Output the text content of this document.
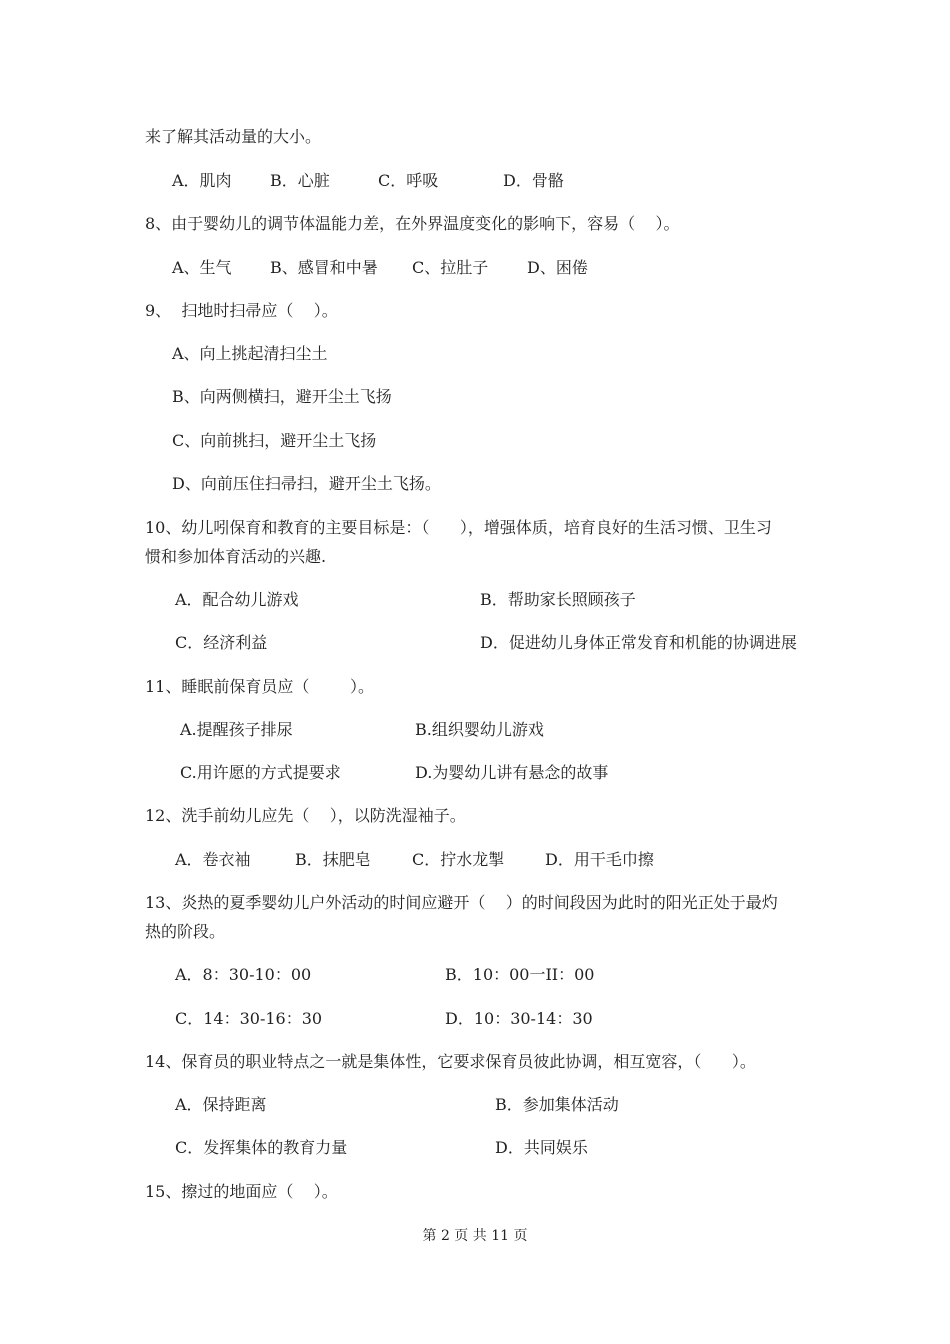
来了解其活动量的大小。
A．肌肉 B．心脏	C．呼吸	D．骨骼
8、由于婴幼儿的调节体温能力差，在外界温度变化的影响下，容易（    ）。
A、生气 B、感冒和中暑 C、拉肚子 D、困倦
9、  扫地时扫帚应（    ）。
A、向上挑起清扫尘土
B、向两侧横扫，避开尘土飞扬
C、向前挑扫，避开尘土飞扬
D、向前压住扫帚扫，避开尘土飞扬。
10、幼儿吲保育和教育的主要目标是：（      ），增强体质，培育良好的生活习惯、卫生习
惯和参加体育活动的兴趣.
A．配合幼儿游戏	B．帮助家长照顾孩子
C．经济利益	D．促进幼儿身体正常发育和机能的协调进展
11、睡眠前保育员应（        ）。
A.提醒孩子排尿	B.组织婴幼儿游戏
C.用许愿的方式提要求	D.为婴幼儿讲有悬念的故事
12、洗手前幼儿应先（    ），以防洗湿袖子。
A．卷衣袖	B．抹肥皂	C．拧水龙掣	D．用干毛巾擦
13、炎热的夏季婴幼儿户外活动的时间应避开（    ）的时间段因为此时的阳光正处于最灼
热的阶段。
A．8：30-10：00	B．10：00一II：00
C．14：30-16：30	D．10：30-14：30
14、保育员的职业特点之一就是集体性，它要求保育员彼此协调，相互宽容，（      ）。
A．保持距离	B．参加集体活动
C．发挥集体的教育力量	D．共同娱乐
15、擦过的地面应（    ）。
第 2 页 共 11 页
